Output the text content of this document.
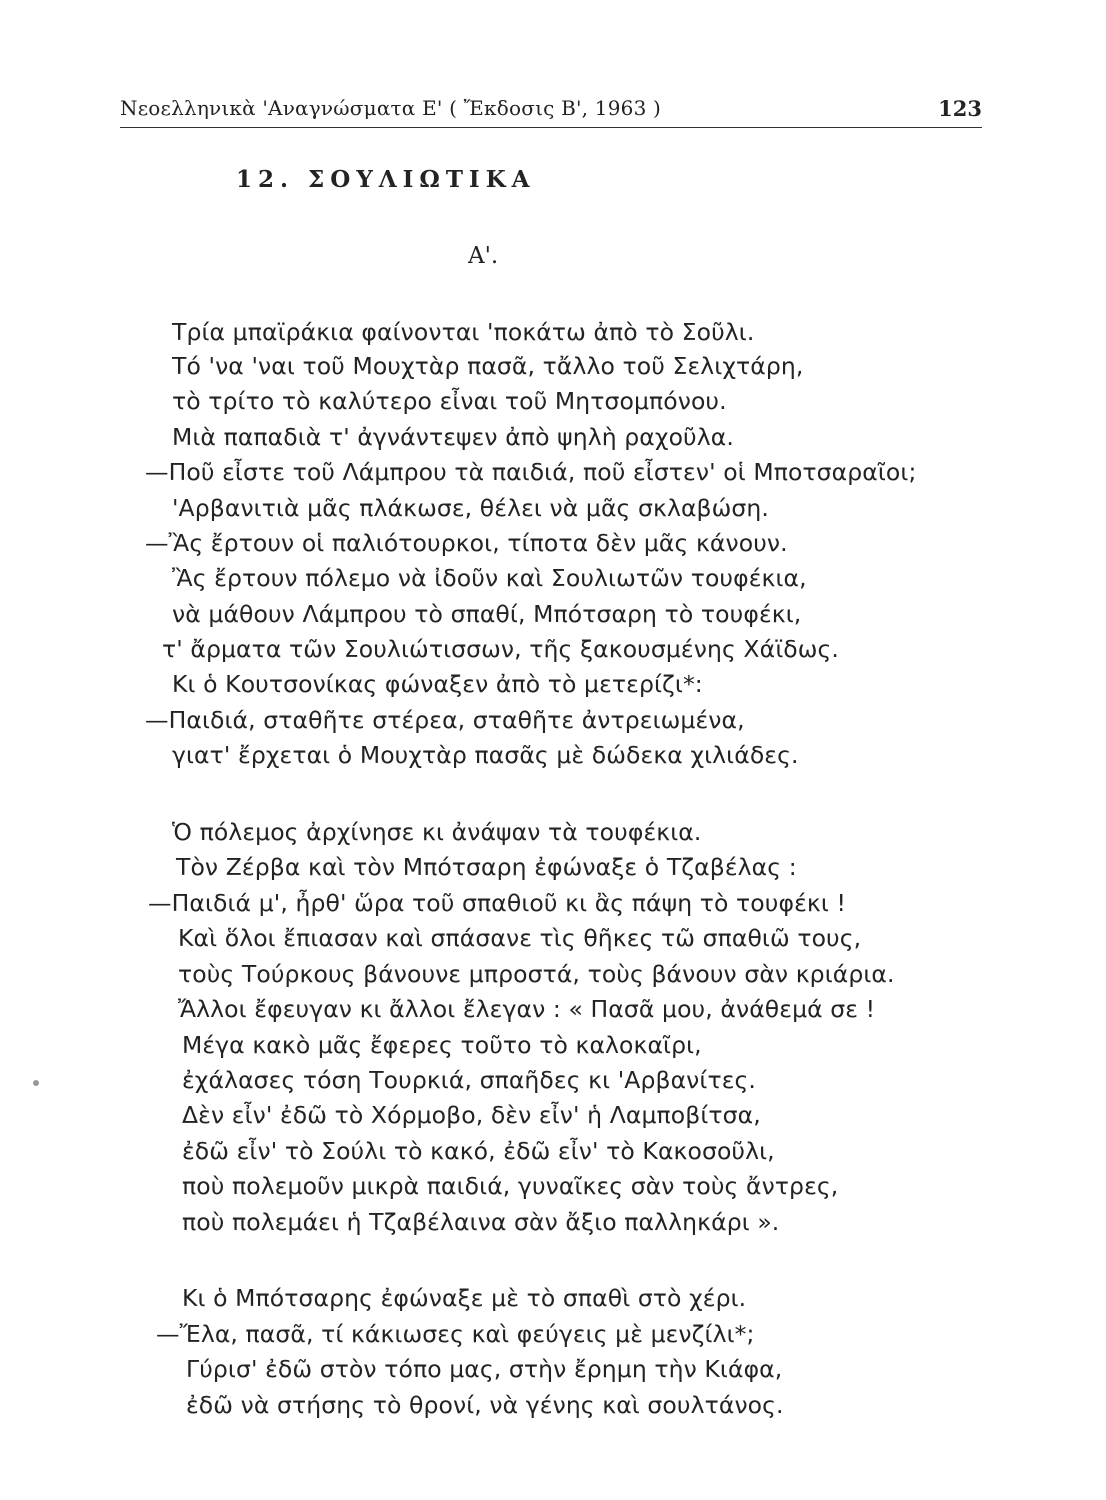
Νεοελληνικὰ 'Αναγνώσματα Ε' ( Ἔκδοσις Β', 1963 )	123
12. ΣΟΥΛΙΩΤΙΚΑ
Α'.
Τρία μπαϊράκια φαίνονται 'ποκάτω ἀπὸ τὸ Σοῦλι.
Τό 'να 'ναι τοῦ Μουχτὰρ πασᾶ, τἄλλο τοῦ Σελιχτάρη,
τὸ τρίτο τὸ καλύτερο εἶναι τοῦ Μητσομπόνου.
Μιὰ παπαδιὰ τ' ἀγνάντεψεν ἀπὸ ψηλὴ ραχοῦλα.
—Ποῦ εἶστε τοῦ Λάμπρου τὰ παιδιά, ποῦ εἶστεν' οἱ Μποτσαραῖοι;
'Αρβανιτιὰ μᾶς πλάκωσε, θέλει νὰ μᾶς σκλαβώση.
—Ἂς ἔρτουν οἱ παλιότουρκοι, τίποτα δὲν μᾶς κάνουν.
Ἂς ἔρτουν πόλεμο νὰ ἰδοῦν καὶ Σουλιωτῶν τουφέκια,
νὰ μάθουν Λάμπρου τὸ σπαθί, Μπότσαρη τὸ τουφέκι,
τ' ἄρματα τῶν Σουλιώτισσων, τῆς ξακουσμένης Χάϊδως.
Κι ὁ Κουτσονίκας φώναξεν ἀπὸ τὸ μετερίζι*:
—Παιδιά, σταθῆτε στέρεα, σταθῆτε ἀντρειωμένα,
γιατ' ἔρχεται ὁ Μουχτὰρ πασᾶς μὲ δώδεκα χιλιάδες.
Ὁ πόλεμος ἀρχίνησε κι ἀνάψαν τὰ τουφέκια.
Τὸν Ζέρβα καὶ τὸν Μπότσαρη ἐφώναξε ὁ Τζαβέλας :
—Παιδιά μ', ἦρθ' ὥρα τοῦ σπαθιοῦ κι ἂς πάψη τὸ τουφέκι !
Καὶ ὅλοι ἔπιασαν καὶ σπάσανε τὶς θῆκες τῶ σπαθιῶ τους,
τοὺς Τούρκους βάνουνε μπροστά, τοὺς βάνουν σὰν κριάρια.
Ἄλλοι ἔφευγαν κι ἄλλοι ἔλεγαν : « Πασᾶ μου, ἀνάθεμά σε !
Μέγα κακὸ μᾶς ἔφερες τοῦτο τὸ καλοκαῖρι,
ἐχάλασες τόση Τουρκιά, σπαῆδες κι 'Αρβανίτες.
Δὲν εἶν' ἐδῶ τὸ Χόρμοβο, δὲν εἶν' ἡ Λαμποβίτσα,
ἐδῶ εἶν' τὸ Σούλι τὸ κακό, ἐδῶ εἶν' τὸ Κακοσοῦλι,
ποὺ πολεμοῦν μικρὰ παιδιά, γυναῖκες σὰν τοὺς ἄντρες,
ποὺ πολεμάει ἡ Τζαβέλαινα σὰν ἄξιο παλληκάρι ».
Κι ὁ Μπότσαρης ἐφώναξε μὲ τὸ σπαθὶ στὸ χέρι.
—Ἔλα, πασᾶ, τί κάκιωσες καὶ φεύγεις μὲ μενζίλι*;
Γύρισ' ἐδῶ στὸν τόπο μας, στὴν ἔρημη τὴν Κιάφα,
ἐδῶ νὰ στήσης τὸ θρονί, νὰ γένης καὶ σουλτάνος.
